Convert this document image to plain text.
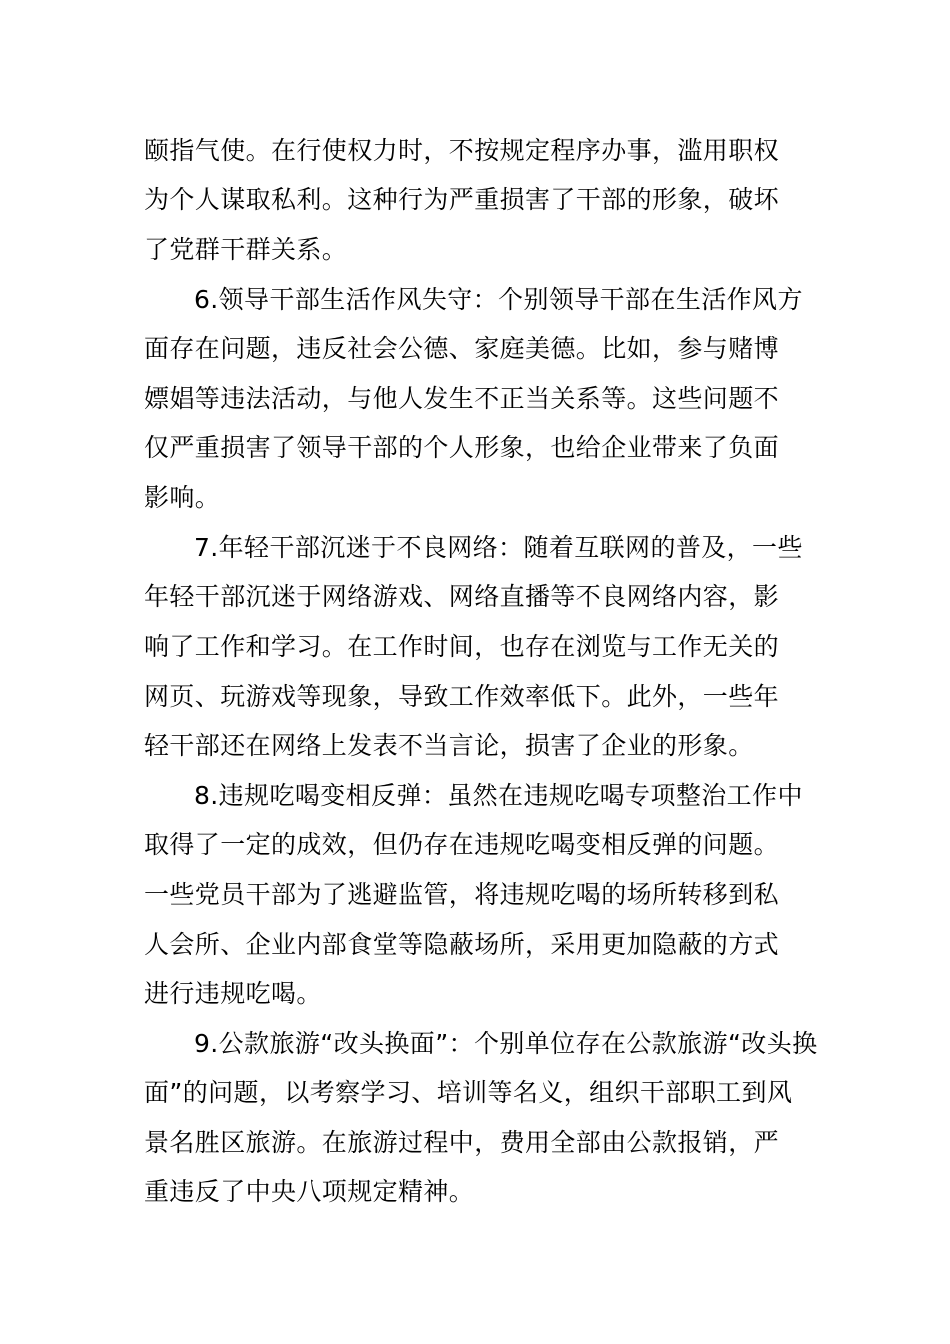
颐指气使。在行使权力时，不按规定程序办事，滥用职权
为个人谋取私利。这种行为严重损害了干部的形象，破坏
了党群干群关系。
6.领导干部生活作风失守：个别领导干部在生活作风方
面存在问题，违反社会公德、家庭美德。比如，参与赌博
嫖娼等违法活动，与他人发生不正当关系等。这些问题不
仅严重损害了领导干部的个人形象，也给企业带来了负面
影响。
7.年轻干部沉迷于不良网络：随着互联网的普及，一些
年轻干部沉迷于网络游戏、网络直播等不良网络内容，影
响了工作和学习。在工作时间，也存在浏览与工作无关的
网页、玩游戏等现象，导致工作效率低下。此外，一些年
轻干部还在网络上发表不当言论，损害了企业的形象。
8.违规吃喝变相反弹：虽然在违规吃喝专项整治工作中
取得了一定的成效，但仍存在违规吃喝变相反弹的问题。
一些党员干部为了逃避监管，将违规吃喝的场所转移到私
人会所、企业内部食堂等隐蔽场所，采用更加隐蔽的方式
进行违规吃喝。
9.公款旅游“改头换面”：个别单位存在公款旅游“改头换
面”的问题，以考察学习、培训等名义，组织干部职工到风
景名胜区旅游。在旅游过程中，费用全部由公款报销，严
重违反了中央八项规定精神。
